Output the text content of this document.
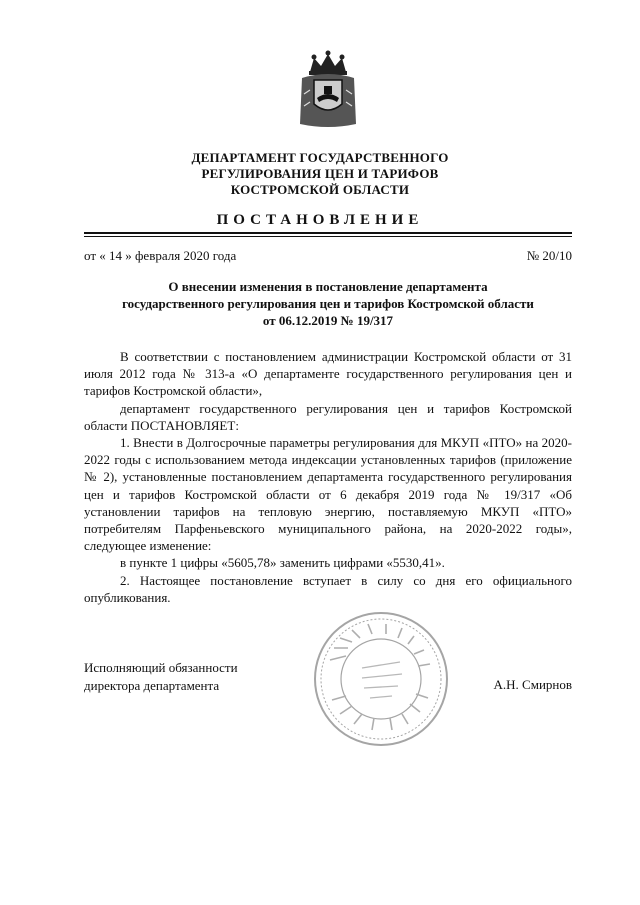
ДЕПАРТАМЕНТ ГОСУДАРСТВЕННОГО
РЕГУЛИРОВАНИЯ ЦЕН И ТАРИФОВ
КОСТРОМСКОЙ ОБЛАСТИ
ПОСТАНОВЛЕНИЕ
от « 14 » февраля 2020 года	№ 20/10
О внесении изменения в постановление департамента
государственного регулирования цен и тарифов Костромской области
от 06.12.2019 № 19/317

В соответствии с постановлением администрации Костромской области от 31 июля 2012 года № 313-а «О департаменте государственного регулирования цен и тарифов Костромской области»,

департамент государственного регулирования цен и тарифов Костромской области ПОСТАНОВЛЯЕТ:

1. Внести в Долгосрочные параметры регулирования для МКУП «ПТО» на 2020-2022 годы с использованием метода индексации установленных тарифов (приложение № 2), установленные постановлением департамента государственного регулирования цен и тарифов Костромской области от 6 декабря 2019 года № 19/317 «Об установлении тарифов на тепловую энергию, поставляемую МКУП «ПТО» потребителям Парфеньевского муниципального района, на 2020-2022 годы», следующее изменение:

в пункте 1 цифры «5605,78» заменить цифрами «5530,41».

2. Настоящее постановление вступает в силу со дня его официального опубликования.

Исполняющий обязанности
директора департамента	А.Н. Смирнов
